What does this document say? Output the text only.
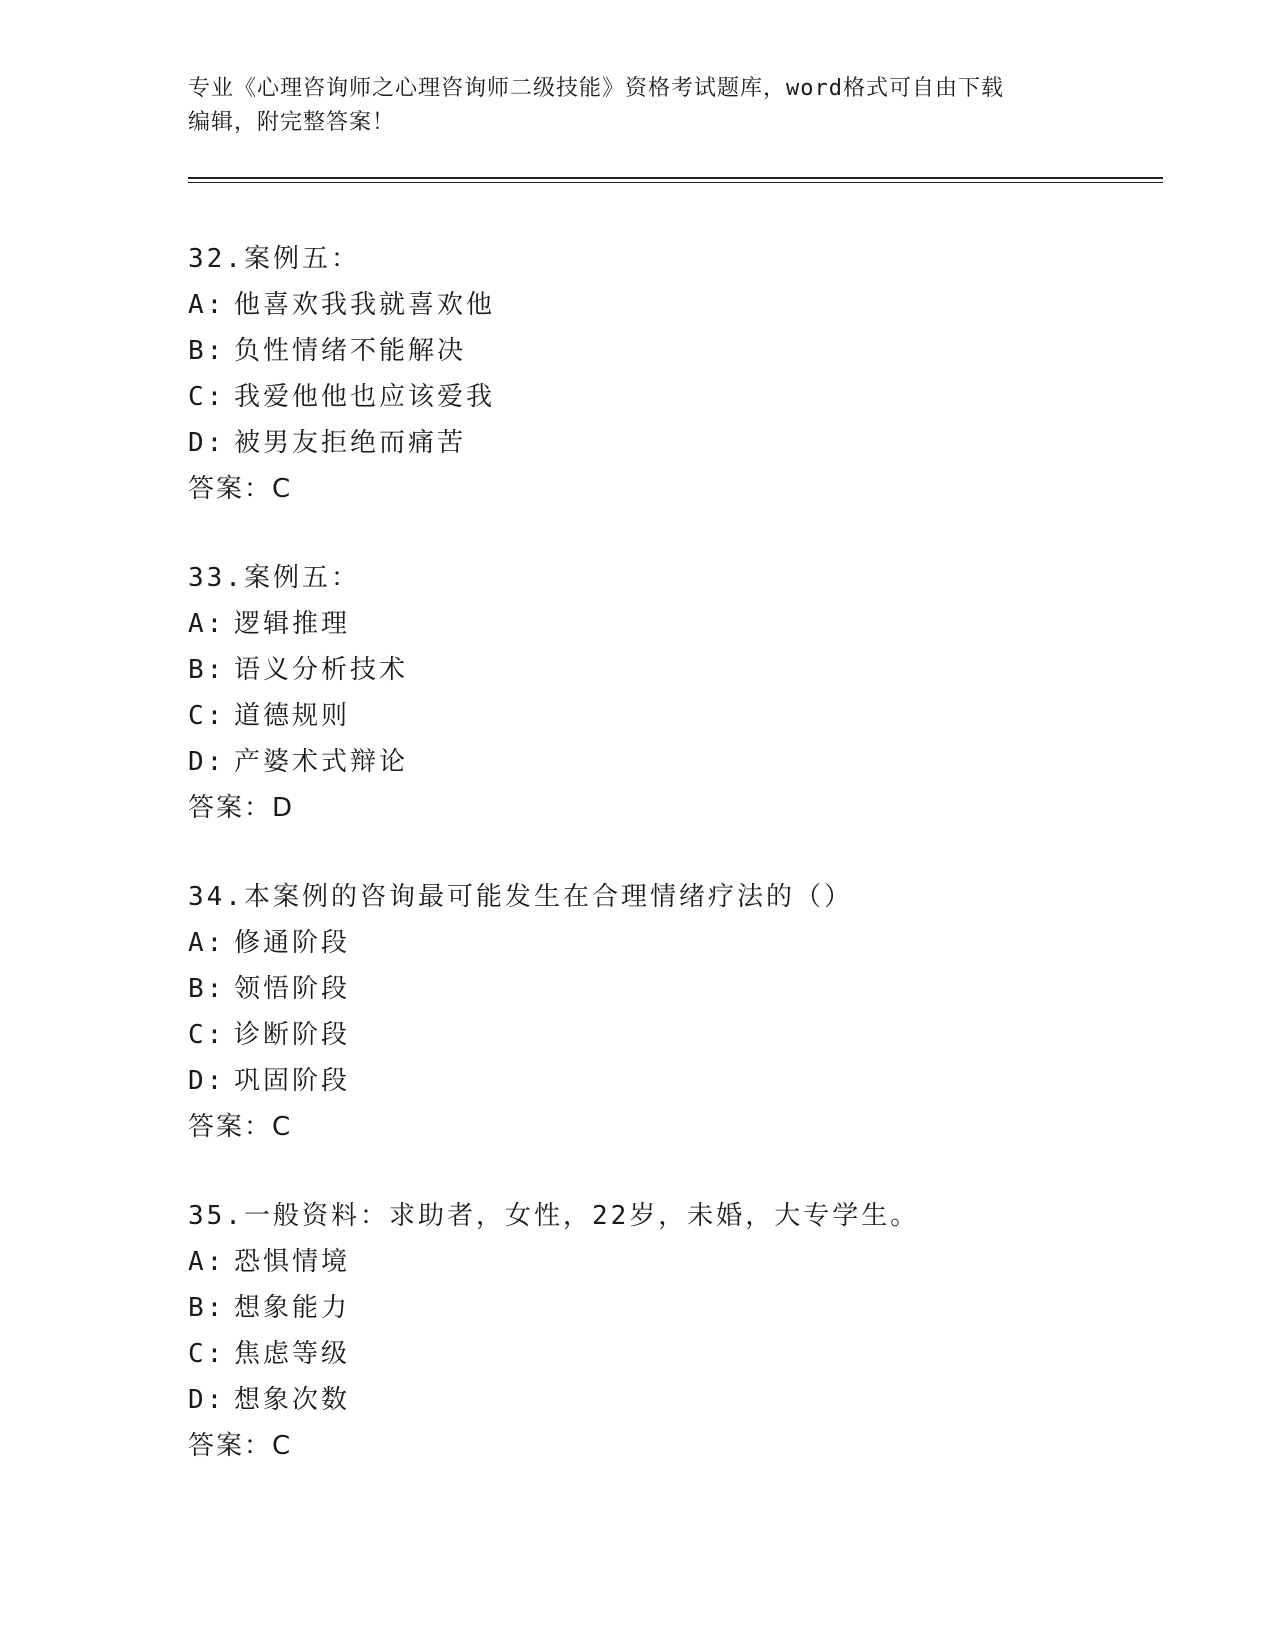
专业《心理咨询师之心理咨询师二级技能》资格考试题库，word格式可自由下载
编辑，附完整答案！
32.案例五：
A: 他喜欢我我就喜欢他
B: 负性情绪不能解决
C: 我爱他他也应该爱我
D: 被男友拒绝而痛苦
答案：C
33.案例五：
A: 逻辑推理
B: 语义分析技术
C: 道德规则
D: 产婆术式辩论
答案：D
34.本案例的咨询最可能发生在合理情绪疗法的（）
A: 修通阶段
B: 领悟阶段
C: 诊断阶段
D: 巩固阶段
答案：C
35.一般资料：求助者，女性，22岁，未婚，大专学生。
A: 恐惧情境
B: 想象能力
C: 焦虑等级
D: 想象次数
答案：C
